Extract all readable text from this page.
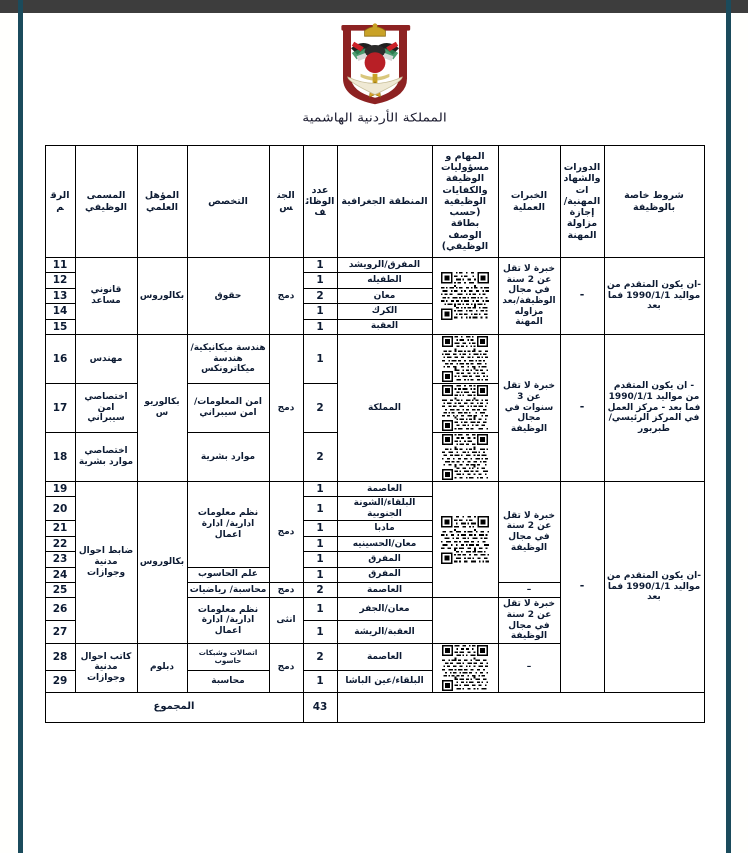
المملكة الأردنية الهاشمية
شروط خاصة بالوظيفة	الدورات والشهادات المهنية/ إجازة مزاولة المهنة	الخبرات العملية	المهام و مسؤوليات الوظيفة والكفايات الوظيفية (حسب بطاقة الوصف الوظيفي)	المنطقة الجغرافية	عدد الوظائف	الجنس	التخصص	المؤهل العلمي	المسمى الوظيفي	الرقم
-ان يكون المتقدم من مواليد 1990/1/1 فما بعد	-	خبرة لا تقل عن 2 سنة في مجال الوظيفة/بعد مزاوله المهنة		المفرق/الرويشد	1	دمج	حقوق	بكالوروس	قانوني مساعد	11
				الطفيله	1					12
				معان	2					13
				الكرك	1					14
				العقبة	1					15
- ان يكون المتقدم من مواليد 1990/1/1 فما بعد - مركز العمل في المركز الرئيسي/طبربور	-	خبرة لا تقل عن 3 سنوات في مجال الوظيفة		المملكة	1	دمج	هندسة ميكانيكية/ هندسة ميكاترونكس	بكالوريوس	مهندس	16

	2		امن المعلومات/ امن سيبراني		اختصاصي امن سيبراني	17

	2		موارد بشرية		اختصاصي موارد بشرية	18
-ان يكون المتقدم من مواليد 1990/1/1 فما بعد	-	خبرة لا تقل عن 2 سنة في مجال الوظيفة		العاصمة	1	دمج	نظم معلومات ادارية/ ادارة اعمال	بكالوروس	ضابط احوال مدنية وجوازات	19
				البلقاء/الشونة الجنوبية	1					20
				مادبا	1					21
				معان/الحسينيه	1					22
				المفرق	1					23
				المفرق	1		علم الحاسوب			24
		–		العاصمة	2	دمج	محاسبة/ رياضيات			25
		خبرة لا تقل عن 2 سنة في مجال الوظيفة		معان/الجفر	1	انثى	نظم معلومات ادارية/ ادارة اعمال			26
				العقبة/الريشة	1					27
		–		العاصمة	2	دمج	اتصالات وشبكات حاسوب	دبلوم	كاتب احوال مدنية وجوازات	28
				البلقاء/عين الباشا	1		محاسبة			29
					43	المجموع				
